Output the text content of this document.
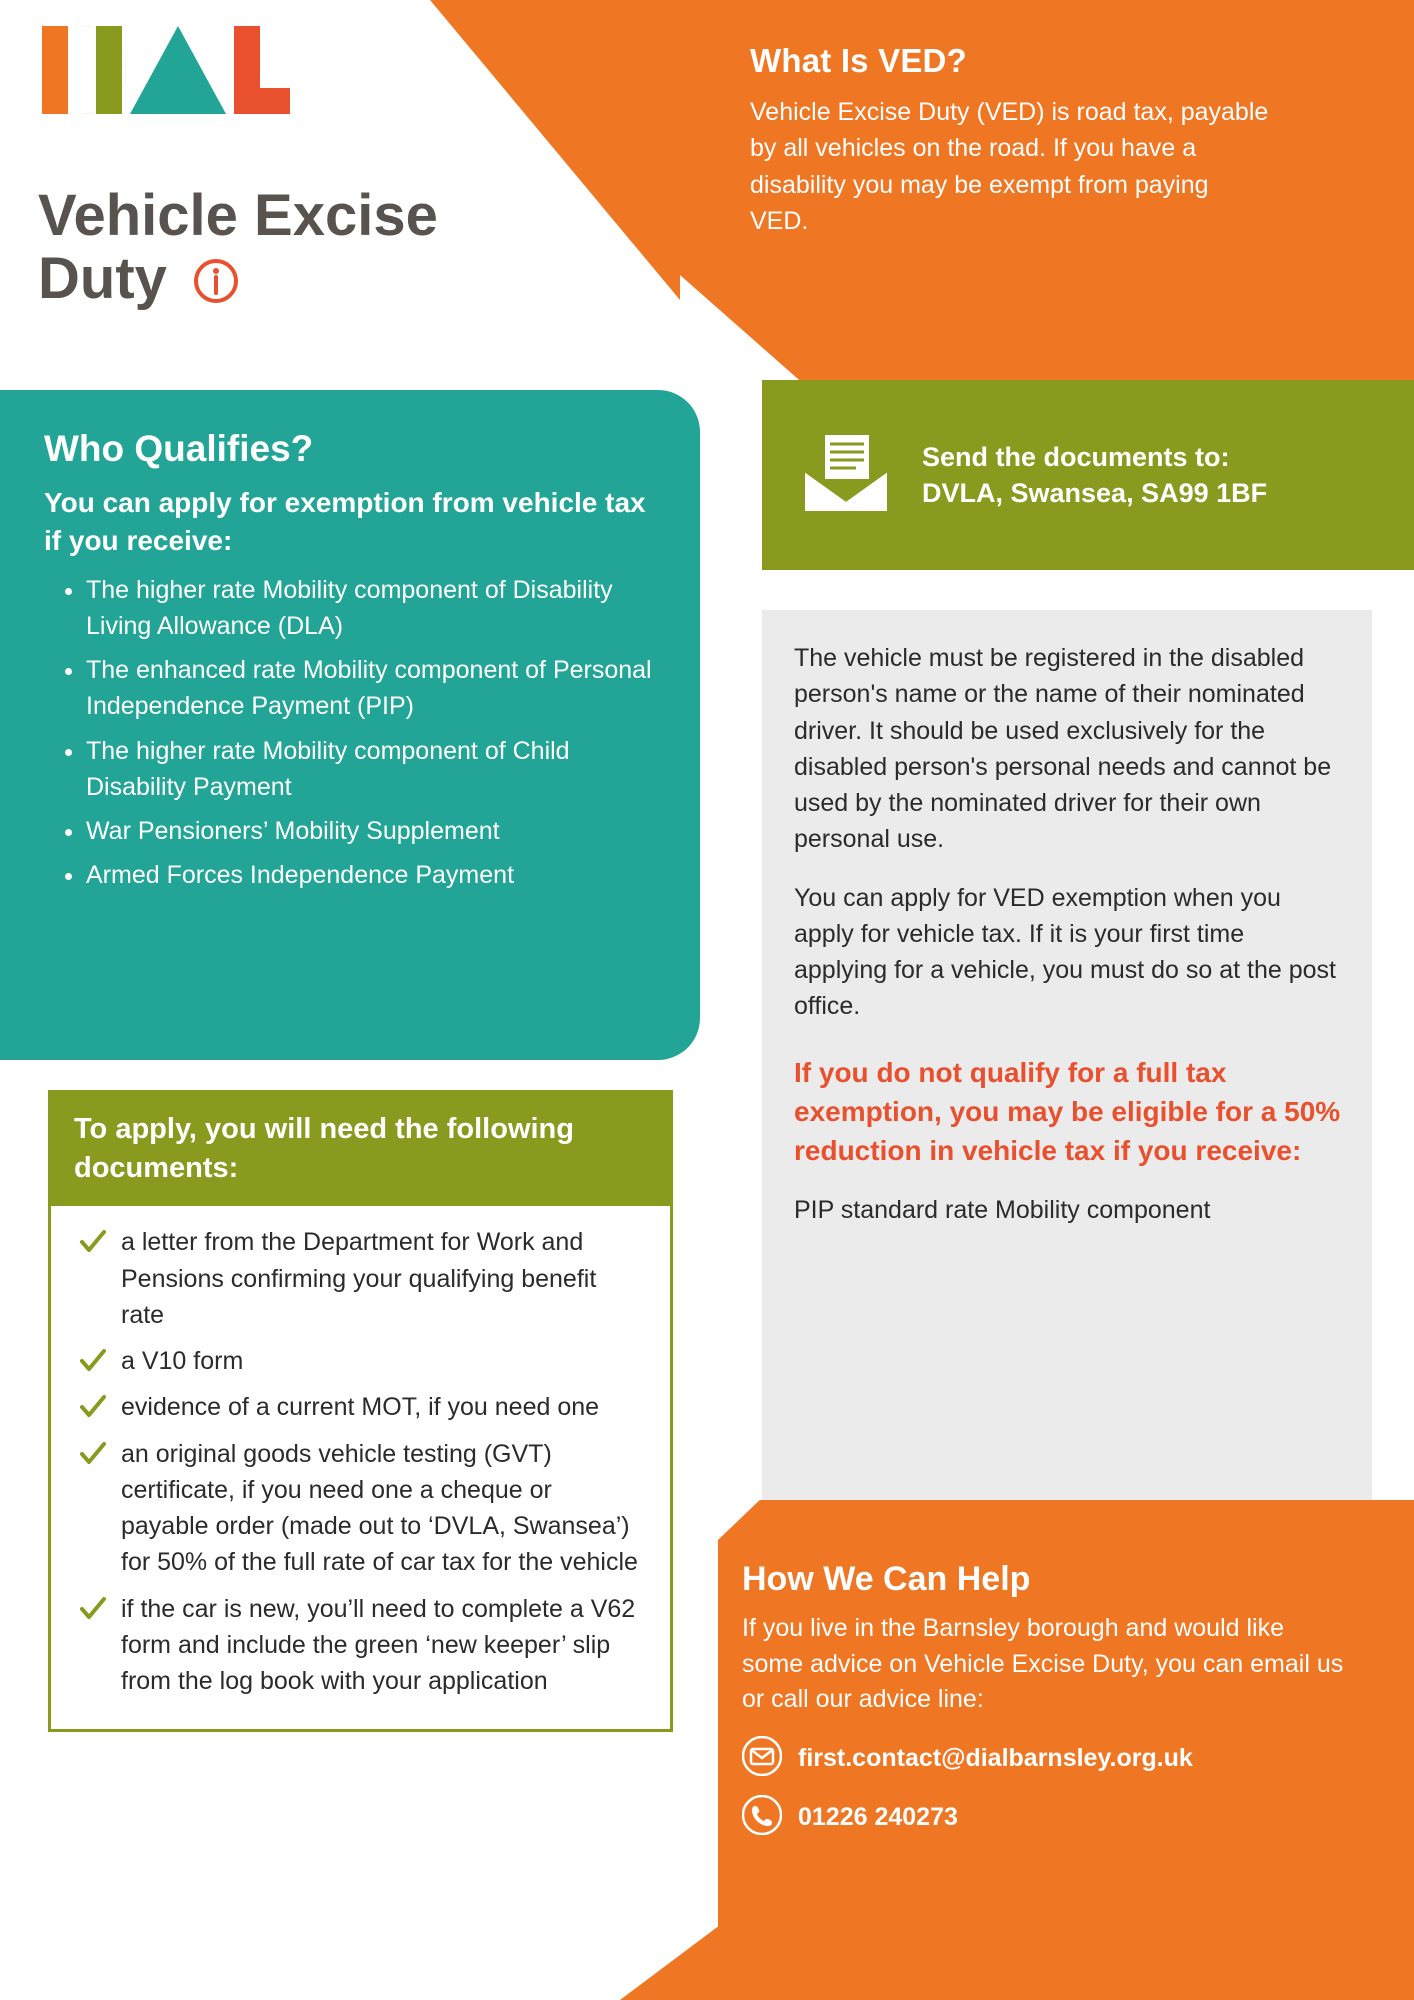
What Is VED?

Vehicle Excise Duty (VED) is road tax, payable by all vehicles on the road. If you have a disability you may be exempt from paying VED.

Vehicle Excise
Duty
Who Qualifies?

You can apply for exemption from vehicle tax if you receive:

• The higher rate Mobility component of Disability Living Allowance (DLA)
• The enhanced rate Mobility component of Personal Independence Payment (PIP)
• The higher rate Mobility component of Child Disability Payment
• War Pensioners’ Mobility Supplement
• Armed Forces Independence Payment
To apply, you will need the following documents:
a letter from the Department for Work and Pensions confirming your qualifying benefit rate
a V10 form
evidence of a current MOT, if you need one
an original goods vehicle testing (GVT) certificate, if you need one a cheque or payable order (made out to ‘DVLA, Swansea’) for 50% of the full rate of car tax for the vehicle
if the car is new, you’ll need to complete a V62 form and include the green ‘new keeper’ slip from the log book with your application
Send the documents to:
DVLA, Swansea, SA99 1BF

The vehicle must be registered in the disabled person's name or the name of their nominated driver. It should be used exclusively for the disabled person's personal needs and cannot be used by the nominated driver for their own personal use.

You can apply for VED exemption when you apply for vehicle tax. If it is your first time applying for a vehicle, you must do so at the post office.

If you do not qualify for a full tax exemption, you may be eligible for a 50% reduction in vehicle tax if you receive:

PIP standard rate Mobility component

How We Can Help

If you live in the Barnsley borough and would like some advice on Vehicle Excise Duty, you can email us or call our advice line:

first.contact@dialbarnsley.org.uk
01226 240273
